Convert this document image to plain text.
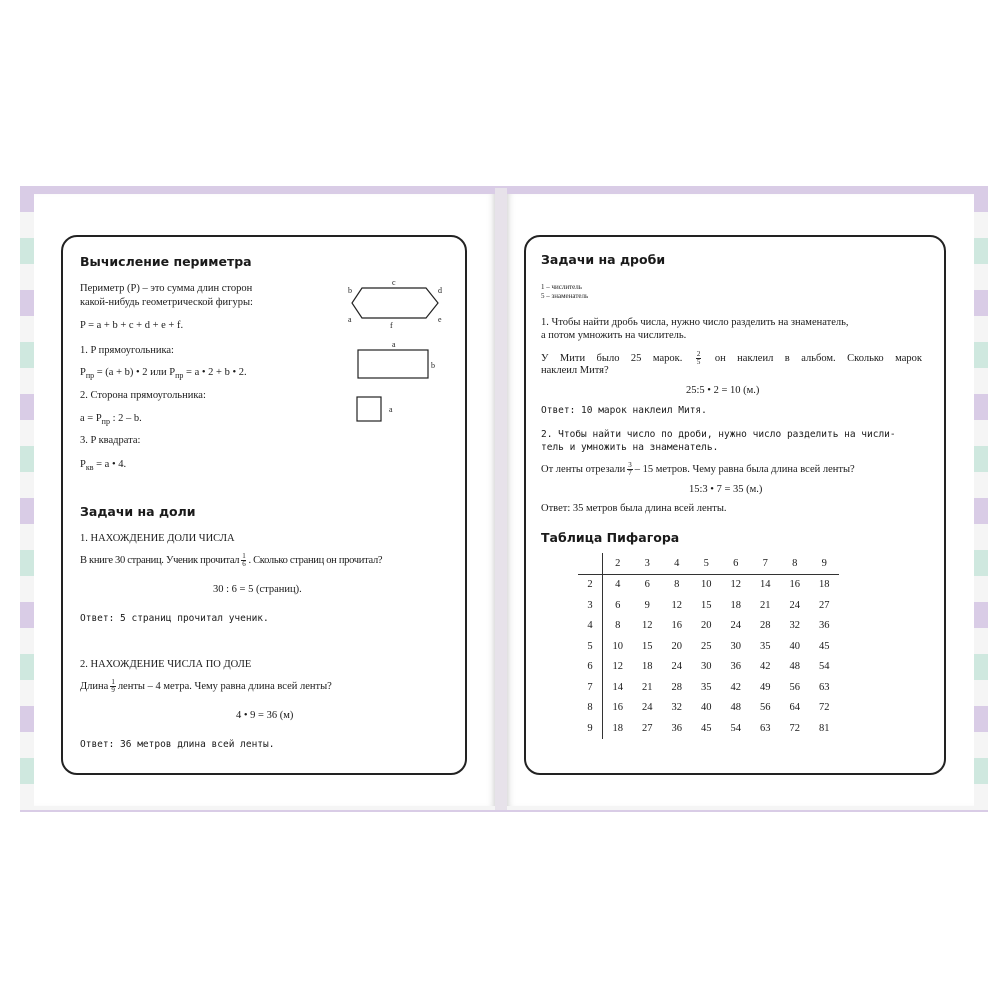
Вычисление периметра
Периметр (P) – это сумма длин сторон
какой-нибудь геометрической фигуры:
P = a + b + c + d + e + f.
1. P прямоугольника:
$P_{пр} = (a + b)$ • 2 или $P_{пр} = a$ • 2 + b • 2.
2. Сторона прямоугольника:
$a = P_{пр}$ : 2 – b.
3. P квадрата:
$P_{кв} = a$ • 4.
c
b	d
a	e
f
a
b
a
Задачи на доли
1. НАХОЖДЕНИЕ ДОЛИ ЧИСЛА
В книге 30 страниц. Ученик прочитал $\frac{1}{6}$ . Сколько страниц он прочитал?
30 : 6 = 5 (страниц).
Ответ: 5 страниц прочитал ученик.
2. НАХОЖДЕНИЕ ЧИСЛА ПО ДОЛЕ
Длина $\frac{1}{9}$ ленты – 4 метра. Чему равна длина всей ленты?
4 • 9 = 36 (м)
Ответ: 36 метров длина всей ленты.
Задачи на дроби
1 – числитель
5 – знаменатель
1. Чтобы найти дробь числа, нужно число разделить на знаменатель,
а потом умножить на числитель.
У Мити было 25 марок. $\frac{2}{5}$ он наклеил в альбом. Сколько марок
наклеил Митя?
25:5 • 2 = 10 (м.)
Ответ: 10 марок наклеил Митя.
2. Чтобы найти число по дроби, нужно число разделить на числи-
тель и умножить на знаменатель.
От ленты отрезали $\frac{3}{7} - 15$ метров. Чему равна была длина всей ленты?
15:3 • 7 = 35 (м.)
Ответ: 35 метров была длина всей ленты.
Таблица Пифагора
	2	3	4	5	6	7	8	9
2	4	6	8	10	12	14	16	18
3	6	9	12	15	18	21	24	27
4	8	12	16	20	24	28	32	36
5	10	15	20	25	30	35	40	45
6	12	18	24	30	36	42	48	54
7	14	21	28	35	42	49	56	63
8	16	24	32	40	48	56	64	72
9	18	27	36	45	54	63	72	81
